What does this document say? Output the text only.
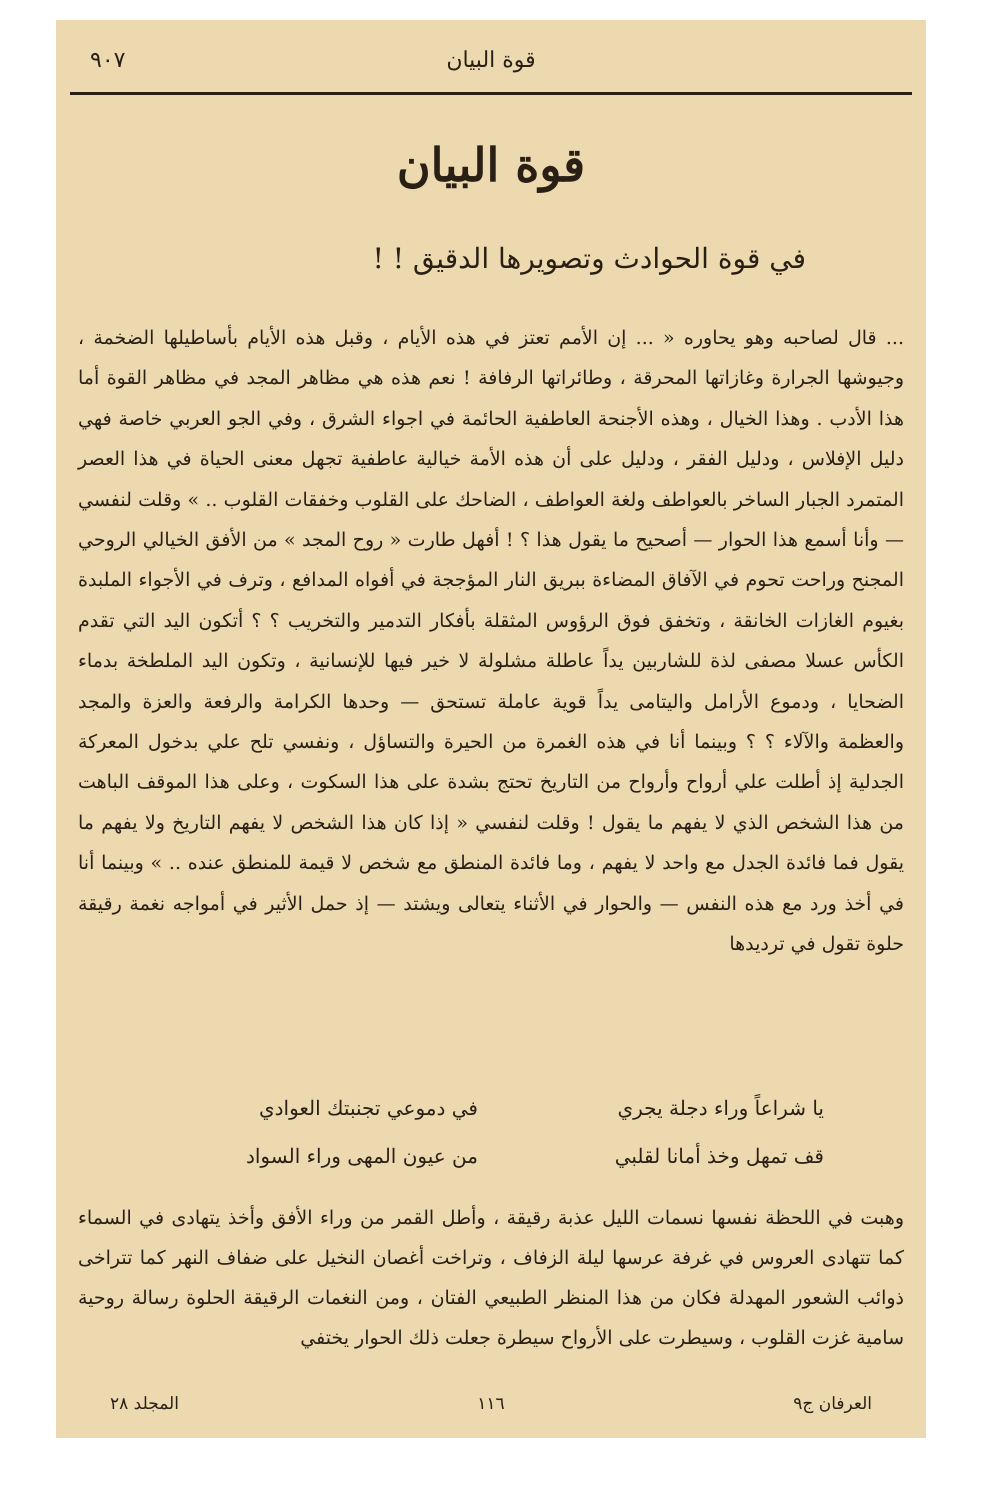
قوة البيان
٩٠٧
قوة البيان
في قوة الحوادث وتصويرها الدقيق ! !

... قال لصاحبه وهو يحاوره « ... إن الأمم تعتز في هذه الأيام ، وقبل هذه الأيام بأساطيلها الضخمة ، وجيوشها الجرارة وغازاتها المحرقة ، وطائراتها الرفافة ! نعم هذه هي مظاهر المجد في مظاهر القوة أما هذا الأدب . وهذا الخيال ، وهذه الأجنحة العاطفية الحائمة في اجواء الشرق ، وفي الجو العربي خاصة فهي دليل الإفلاس ، ودليل الفقر ، ودليل على أن هذه الأمة خيالية عاطفية تجهل معنى الحياة في هذا العصر المتمرد الجبار الساخر بالعواطف ولغة العواطف ، الضاحك على القلوب وخفقات القلوب .. » وقلت لنفسي — وأنا أسمع هذا الحوار — أصحيح ما يقول هذا ؟ ! أفهل طارت « روح المجد » من الأفق الخيالي الروحي المجنح وراحت تحوم في الآفاق المضاءة ببريق النار المؤججة في أفواه المدافع ، وترف في الأجواء الملبدة بغيوم الغازات الخانقة ، وتخفق فوق الرؤوس المثقلة بأفكار التدمير والتخريب ؟ ؟ أتكون اليد التي تقدم الكأس عسلا مصفى لذة للشاربين يداً عاطلة مشلولة لا خير فيها للإنسانية ، وتكون اليد الملطخة بدماء الضحايا ، ودموع الأرامل واليتامى يداً قوية عاملة تستحق — وحدها الكرامة والرفعة والعزة والمجد والعظمة والآلاء ؟ ؟ وبينما أنا في هذه الغمرة من الحيرة والتساؤل ، ونفسي تلح علي بدخول المعركة الجدلية إذ أطلت علي أرواح وأرواح من التاريخ تحتج بشدة على هذا السكوت ، وعلى هذا الموقف الباهت من هذا الشخص الذي لا يفهم ما يقول ! وقلت لنفسي « إذا كان هذا الشخص لا يفهم التاريخ ولا يفهم ما يقول فما فائدة الجدل مع واحد لا يفهم ، وما فائدة المنطق مع شخص لا قيمة للمنطق عنده .. » وبينما أنا في أخذ ورد مع هذه النفس — والحوار في الأثناء يتعالى ويشتد — إذ حمل الأثير في أمواجه نغمة رقيقة حلوة تقول في ترديدها

يا شراعاً وراء دجلة يجري
في دموعي تجنبتك العوادي
قف تمهل وخذ أمانا لقلبي
من عيون المهى وراء السواد

وهبت في اللحظة نفسها نسمات الليل عذبة رقيقة ، وأطل القمر من وراء الأفق وأخذ يتهادى في السماء كما تتهادى العروس في غرفة عرسها ليلة الزفاف ، وتراخت أغصان النخيل على ضفاف النهر كما تتراخى ذوائب الشعور المهدلة فكان من هذا المنظر الطبيعي الفتان ، ومن النغمات الرقيقة الحلوة رسالة روحية سامية غزت القلوب ، وسيطرت على الأرواح سيطرة جعلت ذلك الحوار يختفي

العرفان ج٩
١١٦
المجلد ٢٨
